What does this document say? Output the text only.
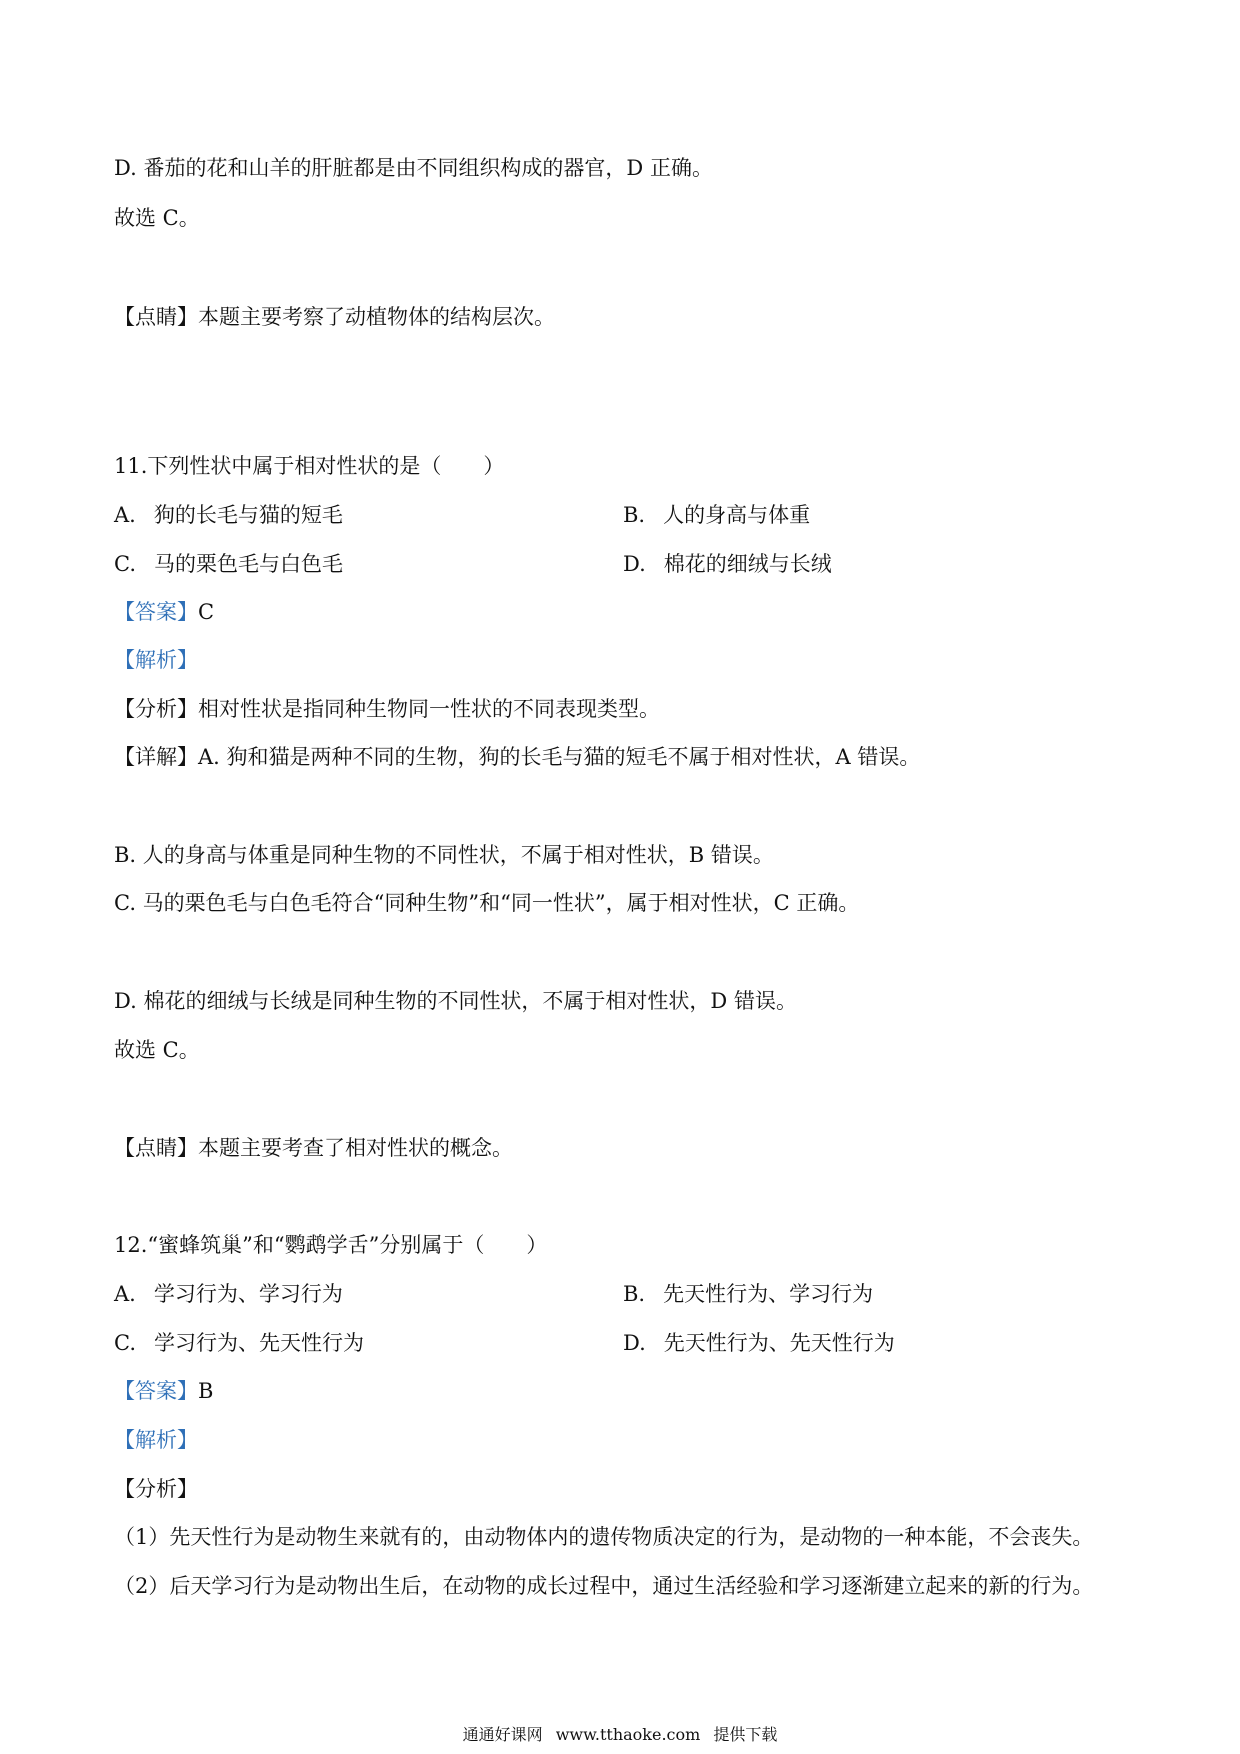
D. 番茄的花和山羊的肝脏都是由不同组织构成的器官，D 正确。
故选 C。
【点睛】本题主要考察了动植物体的结构层次。
11.下列性状中属于相对性状的是（　　）
A. 狗的长毛与猫的短毛	B. 人的身高与体重
C. 马的栗色毛与白色毛	D. 棉花的细绒与长绒
【答案】C
【解析】
【分析】相对性状是指同种生物同一性状的不同表现类型。
【详解】A. 狗和猫是两种不同的生物，狗的长毛与猫的短毛不属于相对性状，A 错误。
B. 人的身高与体重是同种生物的不同性状，不属于相对性状，B 错误。
C. 马的栗色毛与白色毛符合“同种生物”和“同一性状”，属于相对性状，C 正确。
D. 棉花的细绒与长绒是同种生物的不同性状，不属于相对性状，D 错误。
故选 C。
【点睛】本题主要考查了相对性状的概念。
12.“蜜蜂筑巢”和“鹦鹉学舌”分别属于（　　）
A. 学习行为、学习行为	B. 先天性行为、学习行为
C. 学习行为、先天性行为	D. 先天性行为、先天性行为
【答案】B
【解析】
【分析】
（1）先天性行为是动物生来就有的，由动物体内的遗传物质决定的行为，是动物的一种本能，不会丧失。
（2）后天学习行为是动物出生后，在动物的成长过程中，通过生活经验和学习逐渐建立起来的新的行为。
通通好课网 www.tthaoke.com 提供下载
